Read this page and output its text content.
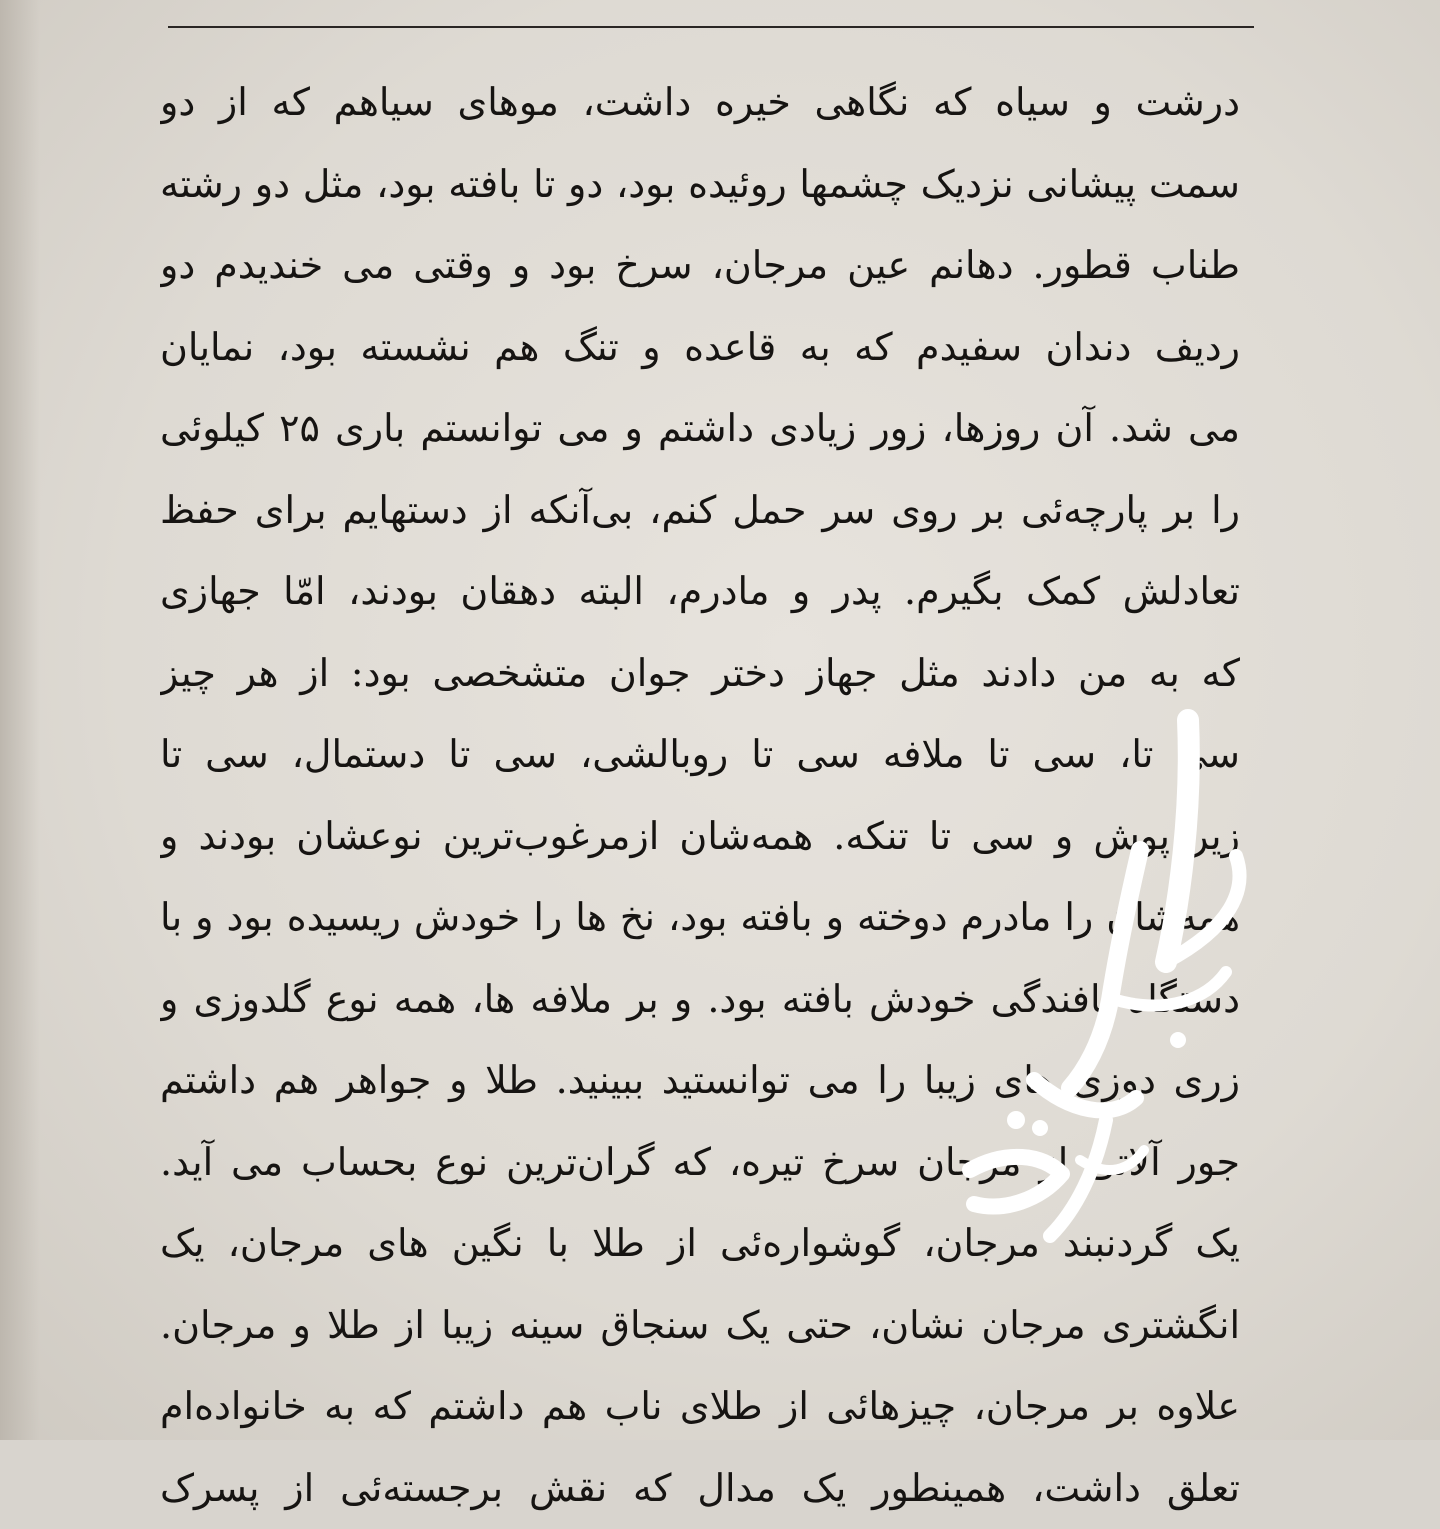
درشت و سیاه که نگاهی خیره داشت، موهای سیاهم که از دو
سمت پیشانی نزدیک چشمها روئیده بود، دو تا بافته بود، مثل دو رشته
طناب قطور. دهانم عین مرجان، سرخ بود و وقتی می خندیدم دو
ردیف دندان سفیدم که به قاعده و تنگ هم نشسته بود، نمایان
می شد. آن روزها، زور زیادی داشتم و می توانستم باری ۲۵ کیلوئی
را بر پارچه‌ئی بر روی سر حمل کنم، بی‌آنکه از دستهایم برای حفظ
تعادلش کمک بگیرم. پدر و مادرم، البته دهقان بودند، امّا جهازی
که به من دادند مثل جهاز دختر جوان متشخصی بود: از هر چیز
سی تا، سی تا ملافه سی تا روبالشی، سی تا دستمال، سی تا
زیر پوش و سی تا تنکه. همه‌شان ازمرغوب‌ترین نوعشان بودند و
همه‌شان را مادرم دوخته و بافته بود، نخ ها را خودش ریسیده بود و با
دستگاه بافندگی خودش بافته بود. و بر ملافه ها، همه نوع گلدوزی و
زری دوزی های زیبا را می توانستید ببینید. طلا و جواهر هم داشتم
جور آلاتی از مرجان سرخ تیره، که گران‌ترین نوع بحساب می آید.
یک گردنبند مرجان، گوشواره‌ئی از طلا با نگین های مرجان، یک
انگشتری مرجان نشان، حتی یک سنجاق سینه زیبا از طلا و مرجان.
علاوه بر مرجان، چیزهائی از طلای ناب هم داشتم که به خانواده‌ام
تعلق داشت، همینطور یک مدال که نقش برجسته‌ئی از پسرک
